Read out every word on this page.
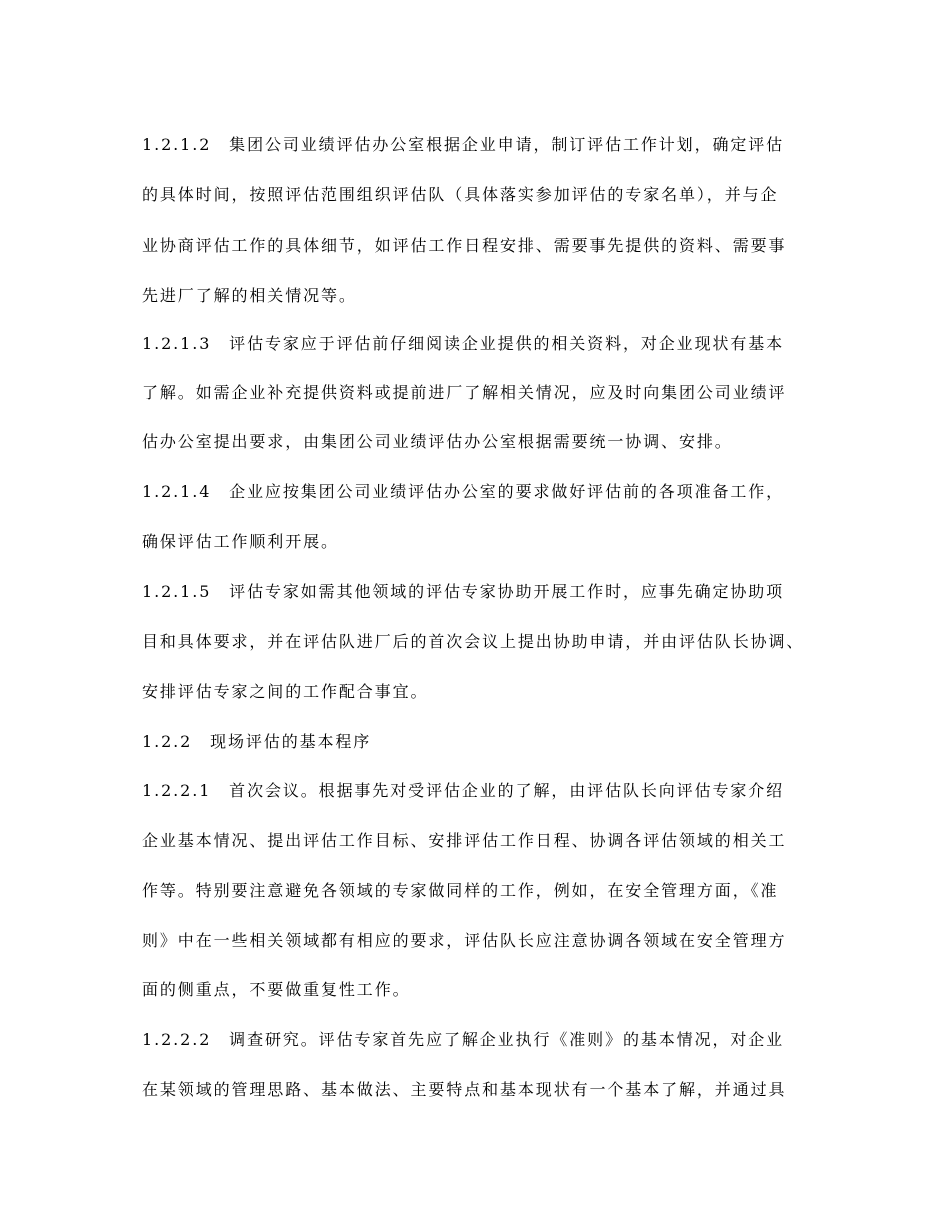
1.2.1.2　集团公司业绩评估办公室根据企业申请，制订评估工作计划，确定评估
的具体时间，按照评估范围组织评估队（具体落实参加评估的专家名单），并与企
业协商评估工作的具体细节，如评估工作日程安排、需要事先提供的资料、需要事
先进厂了解的相关情况等。
1.2.1.3　评估专家应于评估前仔细阅读企业提供的相关资料，对企业现状有基本
了解。如需企业补充提供资料或提前进厂了解相关情况，应及时向集团公司业绩评
估办公室提出要求，由集团公司业绩评估办公室根据需要统一协调、安排。
1.2.1.4　企业应按集团公司业绩评估办公室的要求做好评估前的各项准备工作，
确保评估工作顺利开展。
1.2.1.5　评估专家如需其他领域的评估专家协助开展工作时，应事先确定协助项
目和具体要求，并在评估队进厂后的首次会议上提出协助申请，并由评估队长协调、
安排评估专家之间的工作配合事宜。
1.2.2　现场评估的基本程序
1.2.2.1　首次会议。根据事先对受评估企业的了解，由评估队长向评估专家介绍
企业基本情况、提出评估工作目标、安排评估工作日程、协调各评估领域的相关工
作等。特别要注意避免各领域的专家做同样的工作，例如，在安全管理方面，《准
则》中在一些相关领域都有相应的要求，评估队长应注意协调各领域在安全管理方
面的侧重点，不要做重复性工作。
1.2.2.2　调查研究。评估专家首先应了解企业执行《准则》的基本情况，对企业
在某领域的管理思路、基本做法、主要特点和基本现状有一个基本了解，并通过具
